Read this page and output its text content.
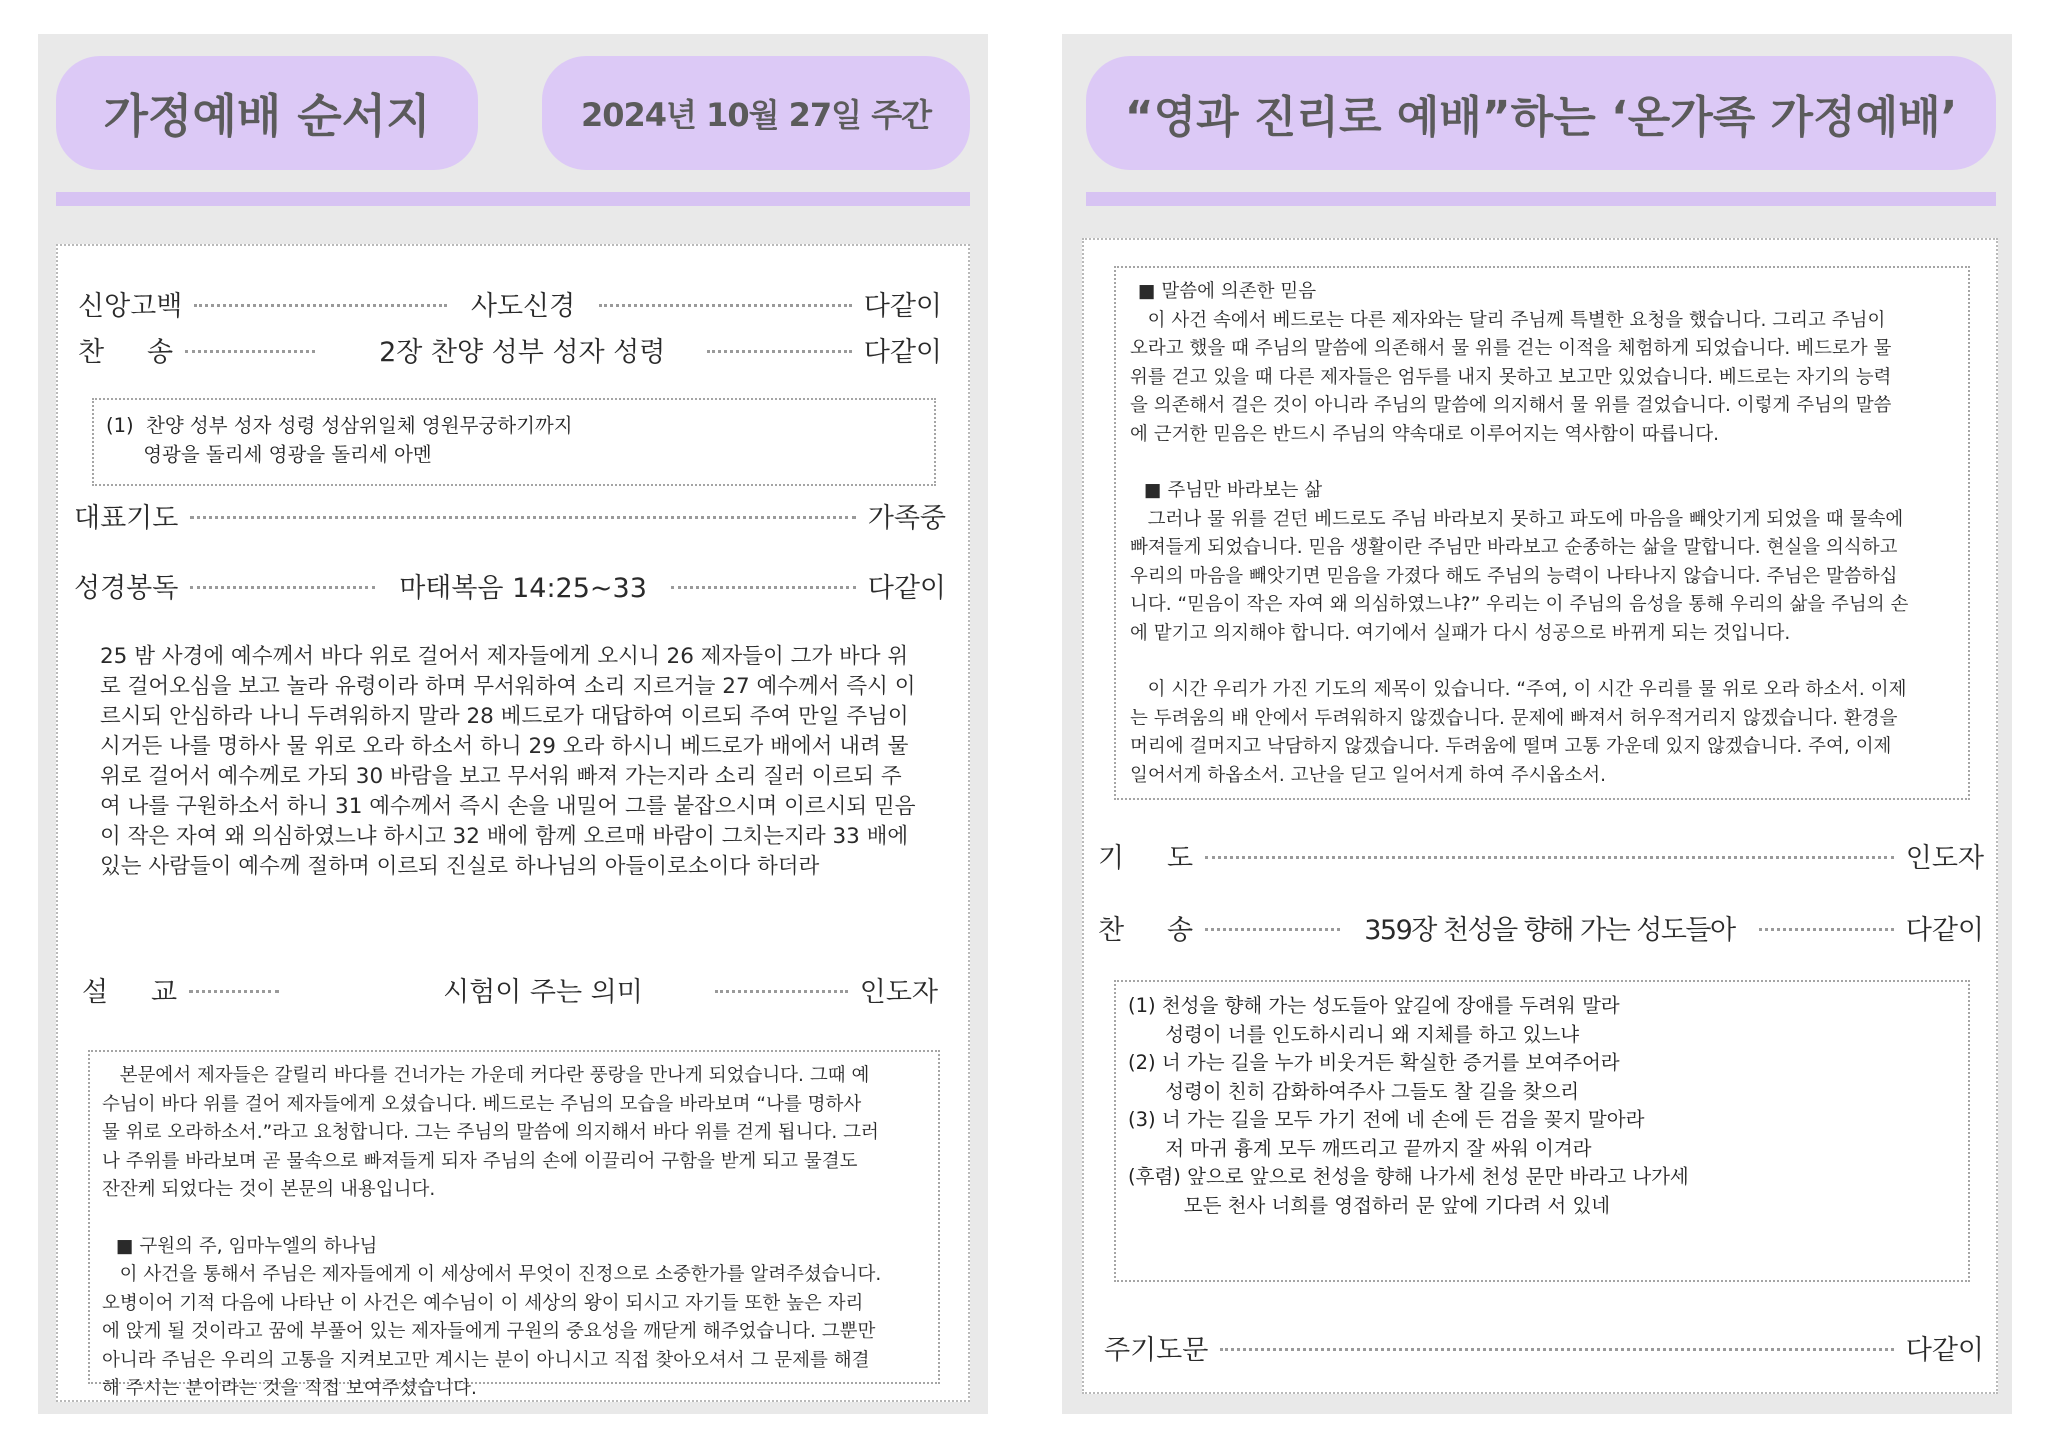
가정예배 순서지	2024년 10월 27일 주간
신앙고백	사도신경	다같이
찬     송	2장 찬양 성부 성자 성령	다같이
(1)  찬양 성부 성자 성령 성삼위일체 영원무궁하기까지
영광을 돌리세 영광을 돌리세 아멘
대표기도	가족중
성경봉독	마태복음 14:25~33	다같이
25 밤 사경에 예수께서 바다 위로 걸어서 제자들에게 오시니 26 제자들이 그가 바다 위
로 걸어오심을 보고 놀라 유령이라 하며 무서워하여 소리 지르거늘 27 예수께서 즉시 이
르시되 안심하라 나니 두려워하지 말라 28 베드로가 대답하여 이르되 주여 만일 주님이
시거든 나를 명하사 물 위로 오라 하소서 하니 29 오라 하시니 베드로가 배에서 내려 물
위로 걸어서 예수께로 가되 30 바람을 보고 무서워 빠져 가는지라 소리 질러 이르되 주
여 나를 구원하소서 하니 31 예수께서 즉시 손을 내밀어 그를 붙잡으시며 이르시되 믿음
이 작은 자여 왜 의심하였느냐 하시고 32 배에 함께 오르매 바람이 그치는지라 33 배에
있는 사람들이 예수께 절하며 이르되 진실로 하나님의 아들이로소이다 하더라
설     교	시험이 주는 의미	인도자
본문에서 제자들은 갈릴리 바다를 건너가는 가운데 커다란 풍랑을 만나게 되었습니다. 그때 예
수님이 바다 위를 걸어 제자들에게 오셨습니다. 베드로는 주님의 모습을 바라보며 “나를 명하사
물 위로 오라하소서.”라고 요청합니다. 그는 주님의 말씀에 의지해서 바다 위를 걷게 됩니다. 그러
나 주위를 바라보며 곧 물속으로 빠져들게 되자 주님의 손에 이끌리어 구함을 받게 되고 물결도
잔잔케 되었다는 것이 본문의 내용입니다.
■ 구원의 주, 임마누엘의 하나님
이 사건을 통해서 주님은 제자들에게 이 세상에서 무엇이 진정으로 소중한가를 알려주셨습니다.
오병이어 기적 다음에 나타난 이 사건은 예수님이 이 세상의 왕이 되시고 자기들 또한 높은 자리
에 앉게 될 것이라고 꿈에 부풀어 있는 제자들에게 구원의 중요성을 깨닫게 해주었습니다. 그뿐만
아니라 주님은 우리의 고통을 지켜보고만 계시는 분이 아니시고 직접 찾아오셔서 그 문제를 해결
해 주시는 분이라는 것을 직접 보여주셨습니다.
“영과 진리로 예배”하는 ‘온가족 가정예배’
■ 말씀에 의존한 믿음
이 사건 속에서 베드로는 다른 제자와는 달리 주님께 특별한 요청을 했습니다. 그리고 주님이
오라고 했을 때 주님의 말씀에 의존해서 물 위를 걷는 이적을 체험하게 되었습니다. 베드로가 물
위를 걷고 있을 때 다른 제자들은 엄두를 내지 못하고 보고만 있었습니다. 베드로는 자기의 능력
을 의존해서 걸은 것이 아니라 주님의 말씀에 의지해서 물 위를 걸었습니다. 이렇게 주님의 말씀
에 근거한 믿음은 반드시 주님의 약속대로 이루어지는 역사함이 따릅니다.
■ 주님만 바라보는 삶
그러나 물 위를 걷던 베드로도 주님 바라보지 못하고 파도에 마음을 빼앗기게 되었을 때 물속에
빠져들게 되었습니다. 믿음 생활이란 주님만 바라보고 순종하는 삶을 말합니다. 현실을 의식하고
우리의 마음을 빼앗기면 믿음을 가졌다 해도 주님의 능력이 나타나지 않습니다. 주님은 말씀하십
니다. “믿음이 작은 자여 왜 의심하였느냐?” 우리는 이 주님의 음성을 통해 우리의 삶을 주님의 손
에 맡기고 의지해야 합니다. 여기에서 실패가 다시 성공으로 바뀌게 되는 것입니다.
이 시간 우리가 가진 기도의 제목이 있습니다. “주여, 이 시간 우리를 물 위로 오라 하소서. 이제
는 두려움의 배 안에서 두려워하지 않겠습니다. 문제에 빠져서 허우적거리지 않겠습니다. 환경을
머리에 걸머지고 낙담하지 않겠습니다. 두려움에 떨며 고통 가운데 있지 않겠습니다. 주여, 이제
일어서게 하옵소서. 고난을 딛고 일어서게 하여 주시옵소서.
기     도	인도자
찬     송	359장 천성을 향해 가는 성도들아	다같이
(1) 천성을 향해 가는 성도들아 앞길에 장애를 두려워 말라
성령이 너를 인도하시리니 왜 지체를 하고 있느냐
(2) 너 가는 길을 누가 비웃거든 확실한 증거를 보여주어라
성령이 친히 감화하여주사 그들도 찰 길을 찾으리
(3) 너 가는 길을 모두 가기 전에 네 손에 든 검을 꽂지 말아라
저 마귀 흉계 모두 깨뜨리고 끝까지 잘 싸워 이겨라
(후렴) 앞으로 앞으로 천성을 향해 나가세 천성 문만 바라고 나가세
모든 천사 너희를 영접하러 문 앞에 기다려 서 있네
주기도문	다같이
